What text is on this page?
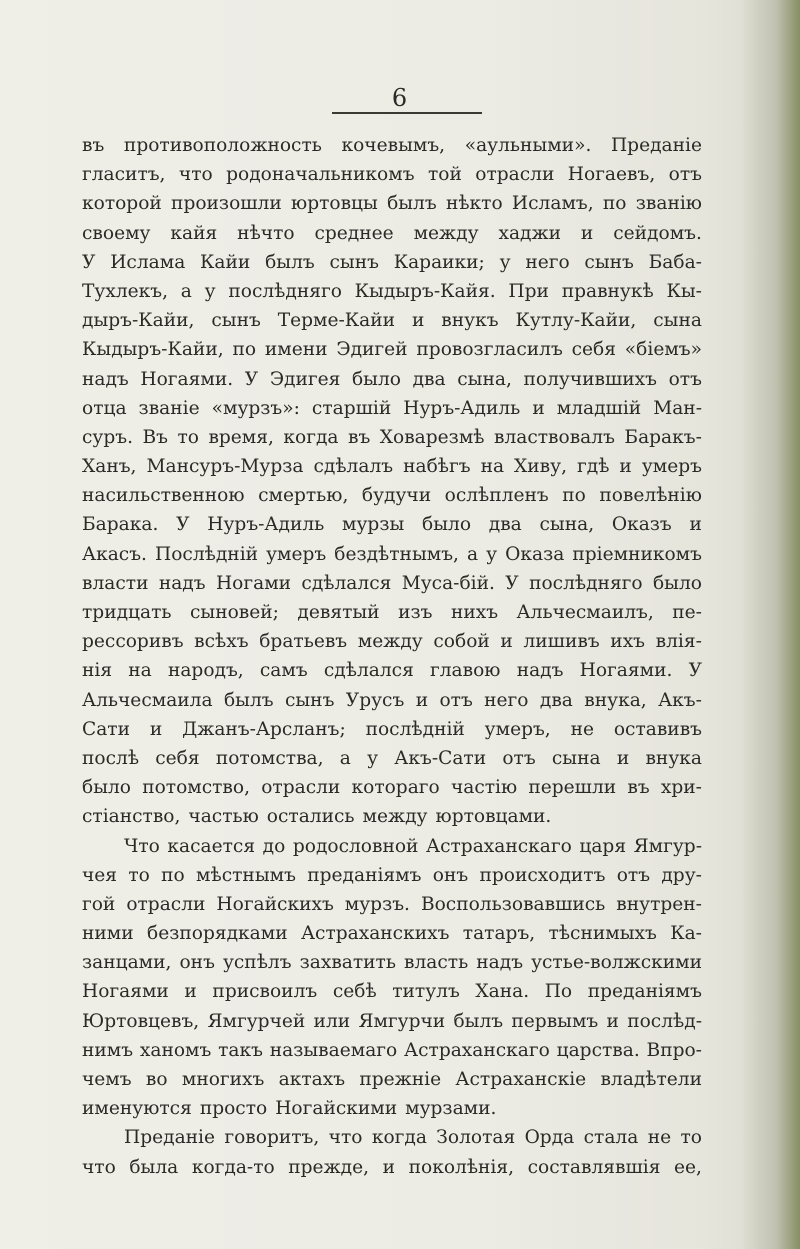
6
въ противоположность кочевымъ, «аульными». Преданіе
гласитъ, что родоначальникомъ той отрасли Ногаевъ, отъ
которой произошли юртовцы былъ нѣкто Исламъ, по званію
своему кайя нѣчто среднее между хаджи и сейдомъ.
У Ислама Кайи былъ сынъ Караики; у него сынъ Баба-
Тухлекъ, а у послѣдняго Кыдыръ-Кайя. При правнукѣ Кы-
дыръ-Кайи, сынъ Терме-Кайи и внукъ Кутлу-Кайи, сына
Кыдыръ-Кайи, по имени Эдигей провозгласилъ себя «біемъ»
надъ Ногаями. У Эдигея было два сына, получившихъ отъ
отца званіе «мурзъ»: старшій Нуръ-Адиль и младшій Ман-
суръ. Въ то время, когда въ Ховарезмѣ властвовалъ Баракъ-
Ханъ, Мансуръ-Мурза сдѣлалъ набѣгъ на Хиву, гдѣ и умеръ
насильственною смертью, будучи ослѣпленъ по повелѣнію
Барака. У Нуръ-Адиль мурзы было два сына, Оказъ и
Акасъ. Послѣдній умеръ бездѣтнымъ, а у Оказа пріемникомъ
власти надъ Ногами сдѣлался Муса-бій. У послѣдняго было
тридцать сыновей; девятый изъ нихъ Альчесмаилъ, пе-
рессоривъ всѣхъ братьевъ между собой и лишивъ ихъ влія-
нія на народъ, самъ сдѣлался главою надъ Ногаями. У
Альчесмаила былъ сынъ Урусъ и отъ него два внука, Акъ-
Сати и Джанъ-Арсланъ; послѣдній умеръ, не оставивъ
послѣ себя потомства, а у Акъ-Сати отъ сына и внука
было потомство, отрасли котораго частію перешли въ хри-
стіанство, частью остались между юртовцами.
Что касается до родословной Астраханскаго царя Ямгур-
чея то по мѣстнымъ преданіямъ онъ происходитъ отъ дру-
гой отрасли Ногайскихъ мурзъ. Воспользовавшись внутрен-
ними безпорядками Астраханскихъ татаръ, тѣснимыхъ Ка-
занцами, онъ успѣлъ захватить власть надъ устье-волжскими
Ногаями и присвоилъ себѣ титулъ Хана. По преданіямъ
Юртовцевъ, Ямгурчей или Ямгурчи былъ первымъ и послѣд-
нимъ ханомъ такъ называемаго Астраханскаго царства. Впро-
чемъ во многихъ актахъ прежніе Астраханскіе владѣтели
именуются просто Ногайскими мурзами.
Преданіе говоритъ, что когда Золотая Орда стала не то
что была когда-то прежде, и поколѣнія, составлявшія ее,
